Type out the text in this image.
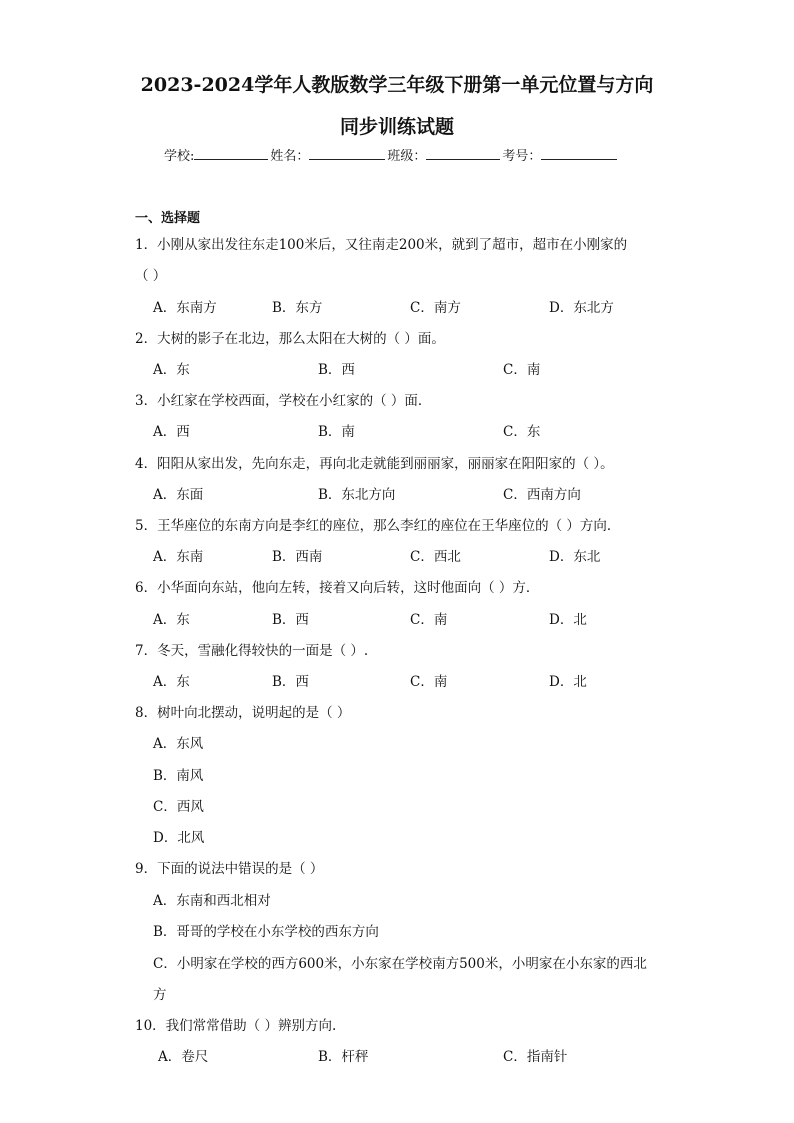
2023-2024学年人教版数学三年级下册第一单元位置与方向
同步训练试题
学校:	姓名：	班级：	考号：
一、选择题
1．小刚从家出发往东走100米后，又往南走200米，就到了超市，超市在小刚家的
（ ）
A．东南方	B．东方	C．南方	D．东北方
2．大树的影子在北边，那么太阳在大树的（ ）面。
A．东	B．西	C．南
3．小红家在学校西面，学校在小红家的（ ）面．
A．西	B．南	C．东
4．阳阳从家出发，先向东走，再向北走就能到丽丽家，丽丽家在阳阳家的（ ）。
A．东面	B．东北方向	C．西南方向
5．王华座位的东南方向是李红的座位，那么李红的座位在王华座位的（ ）方向．
A．东南	B．西南	C．西北	D．东北
6．小华面向东站，他向左转，接着又向后转，这时他面向（ ）方．
A．东	B．西	C．南	D．北
7．冬天，雪融化得较快的一面是（ ）.
A．东	B．西	C．南	D．北
8．树叶向北摆动，说明起的是（ ）
A．东风
B．南风
C．西风
D．北风
9．下面的说法中错误的是（ ）
A．东南和西北相对
B．哥哥的学校在小东学校的西东方向
C．小明家在学校的西方600米，小东家在学校南方500米，小明家在小东家的西北
方
10．我们常常借助（ ）辨别方向.
A．卷尺	B．杆秤	C．指南针
